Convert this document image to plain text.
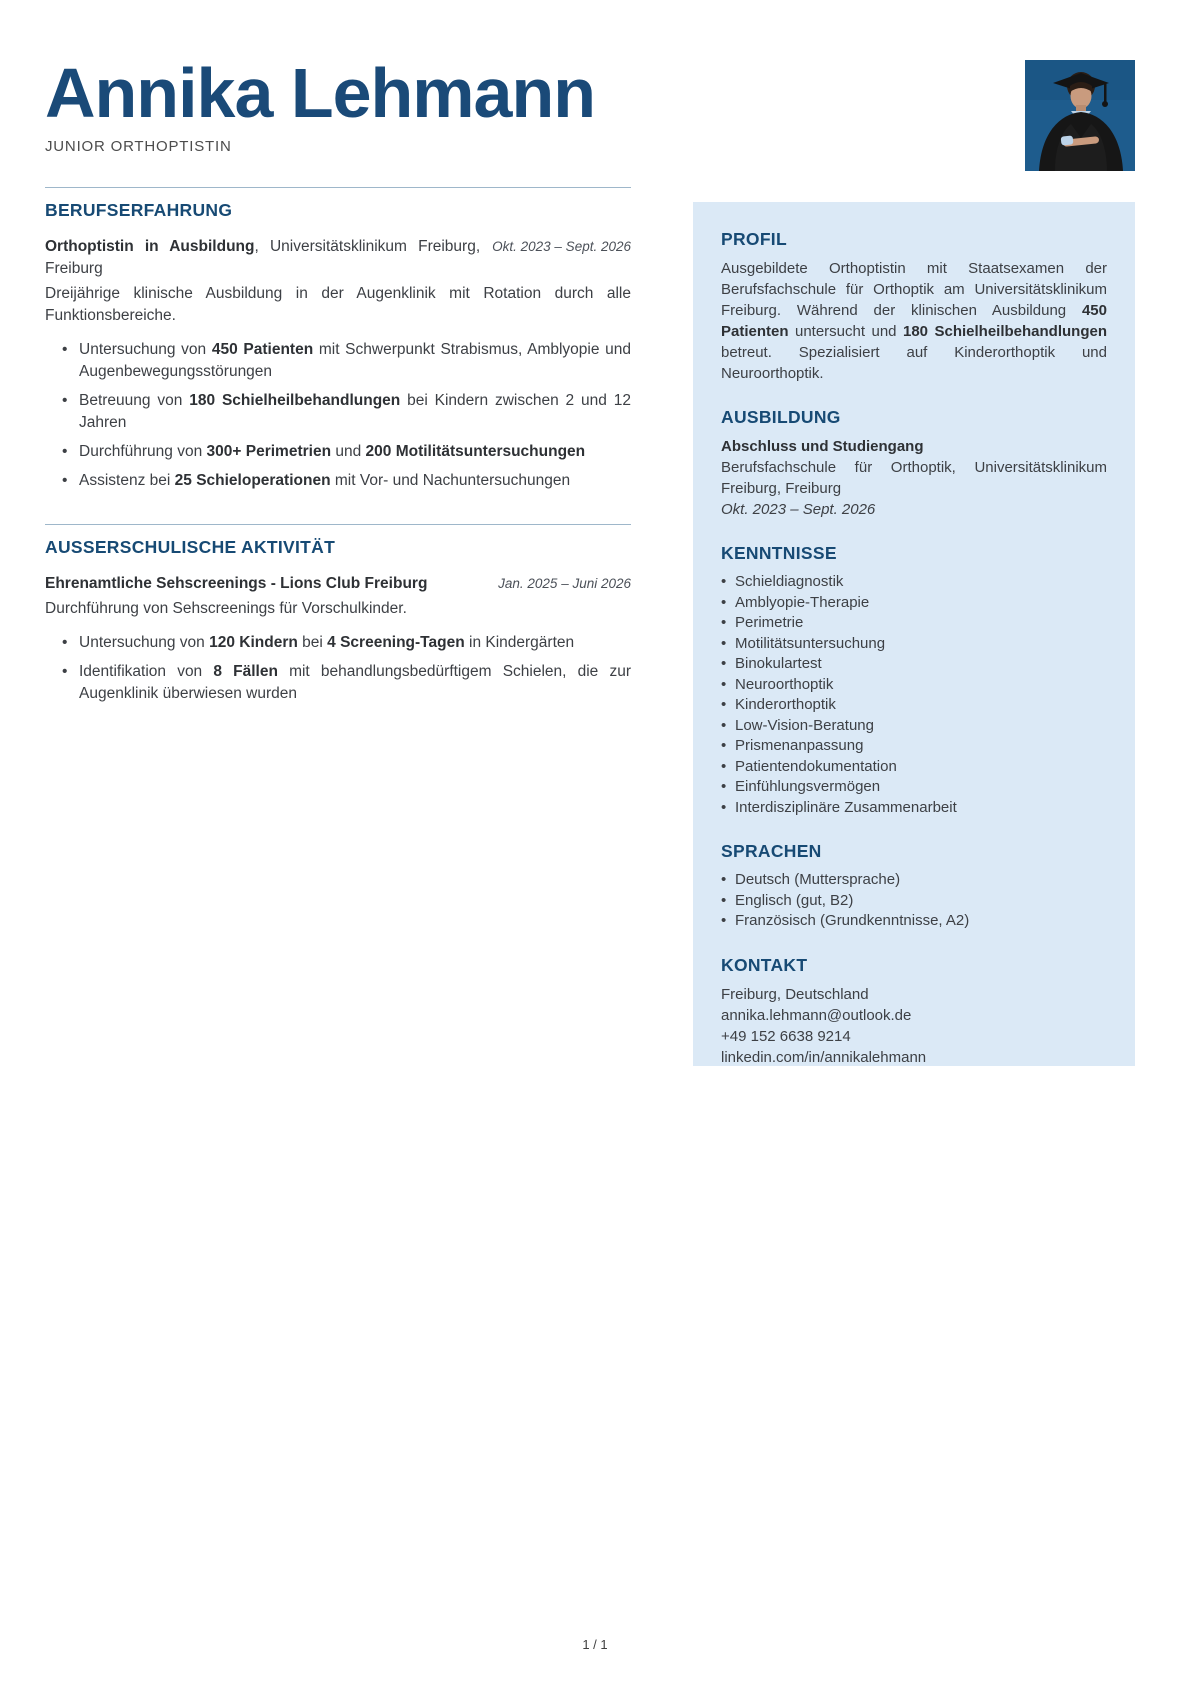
Annika Lehmann
JUNIOR ORTHOPTISTIN
BERUFSERFAHRUNG
Orthoptistin in Ausbildung, Universitätsklinikum Freiburg, Freiburg
Okt. 2023 – Sept. 2026

Dreijährige klinische Ausbildung in der Augenklinik mit Rotation durch alle Funktionsbereiche.

• Untersuchung von 450 Patienten mit Schwerpunkt Strabismus, Amblyopie und Augenbewegungsstörungen
• Betreuung von 180 Schielheilbehandlungen bei Kindern zwischen 2 und 12 Jahren
• Durchführung von 300+ Perimetrien und 200 Motilitätsuntersuchungen
• Assistenz bei 25 Schieloperationen mit Vor- und Nachuntersuchungen
AUSSERSCHULISCHE AKTIVITÄT
Ehrenamtliche Sehscreenings - Lions Club Freiburg	Jan. 2025 – Juni 2026

Durchführung von Sehscreenings für Vorschulkinder.

• Untersuchung von 120 Kindern bei 4 Screening-Tagen in Kindergärten
• Identifikation von 8 Fällen mit behandlungsbedürftigem Schielen, die zur Augenklinik überwiesen wurden
PROFIL

Ausgebildete Orthoptistin mit Staatsexamen der Berufsfachschule für Orthoptik am Universitätsklinikum Freiburg. Während der klinischen Ausbildung 450 Patienten untersucht und 180 Schielheilbehandlungen betreut. Spezialisiert auf Kinderorthoptik und Neuroorthoptik.

AUSBILDUNG

Abschluss und Studiengang

Berufsfachschule für Orthoptik, Universitätsklinikum Freiburg, Freiburg

Okt. 2023 – Sept. 2026

KENNTNISSE
• Schieldiagnostik
• Amblyopie-Therapie
• Perimetrie
• Motilitätsuntersuchung
• Binokulartest
• Neuroorthoptik
• Kinderorthoptik
• Low-Vision-Beratung
• Prismenanpassung
• Patientendokumentation
• Einfühlungsvermögen
• Interdisziplinäre Zusammenarbeit
SPRACHEN
• Deutsch (Muttersprache)
• Englisch (gut, B2)
• Französisch (Grundkenntnisse, A2)
KONTAKT

Freiburg, Deutschland

annika.lehmann@outlook.de

+49 152 6638 9214

linkedin.com/in/annikalehmann

1 / 1
